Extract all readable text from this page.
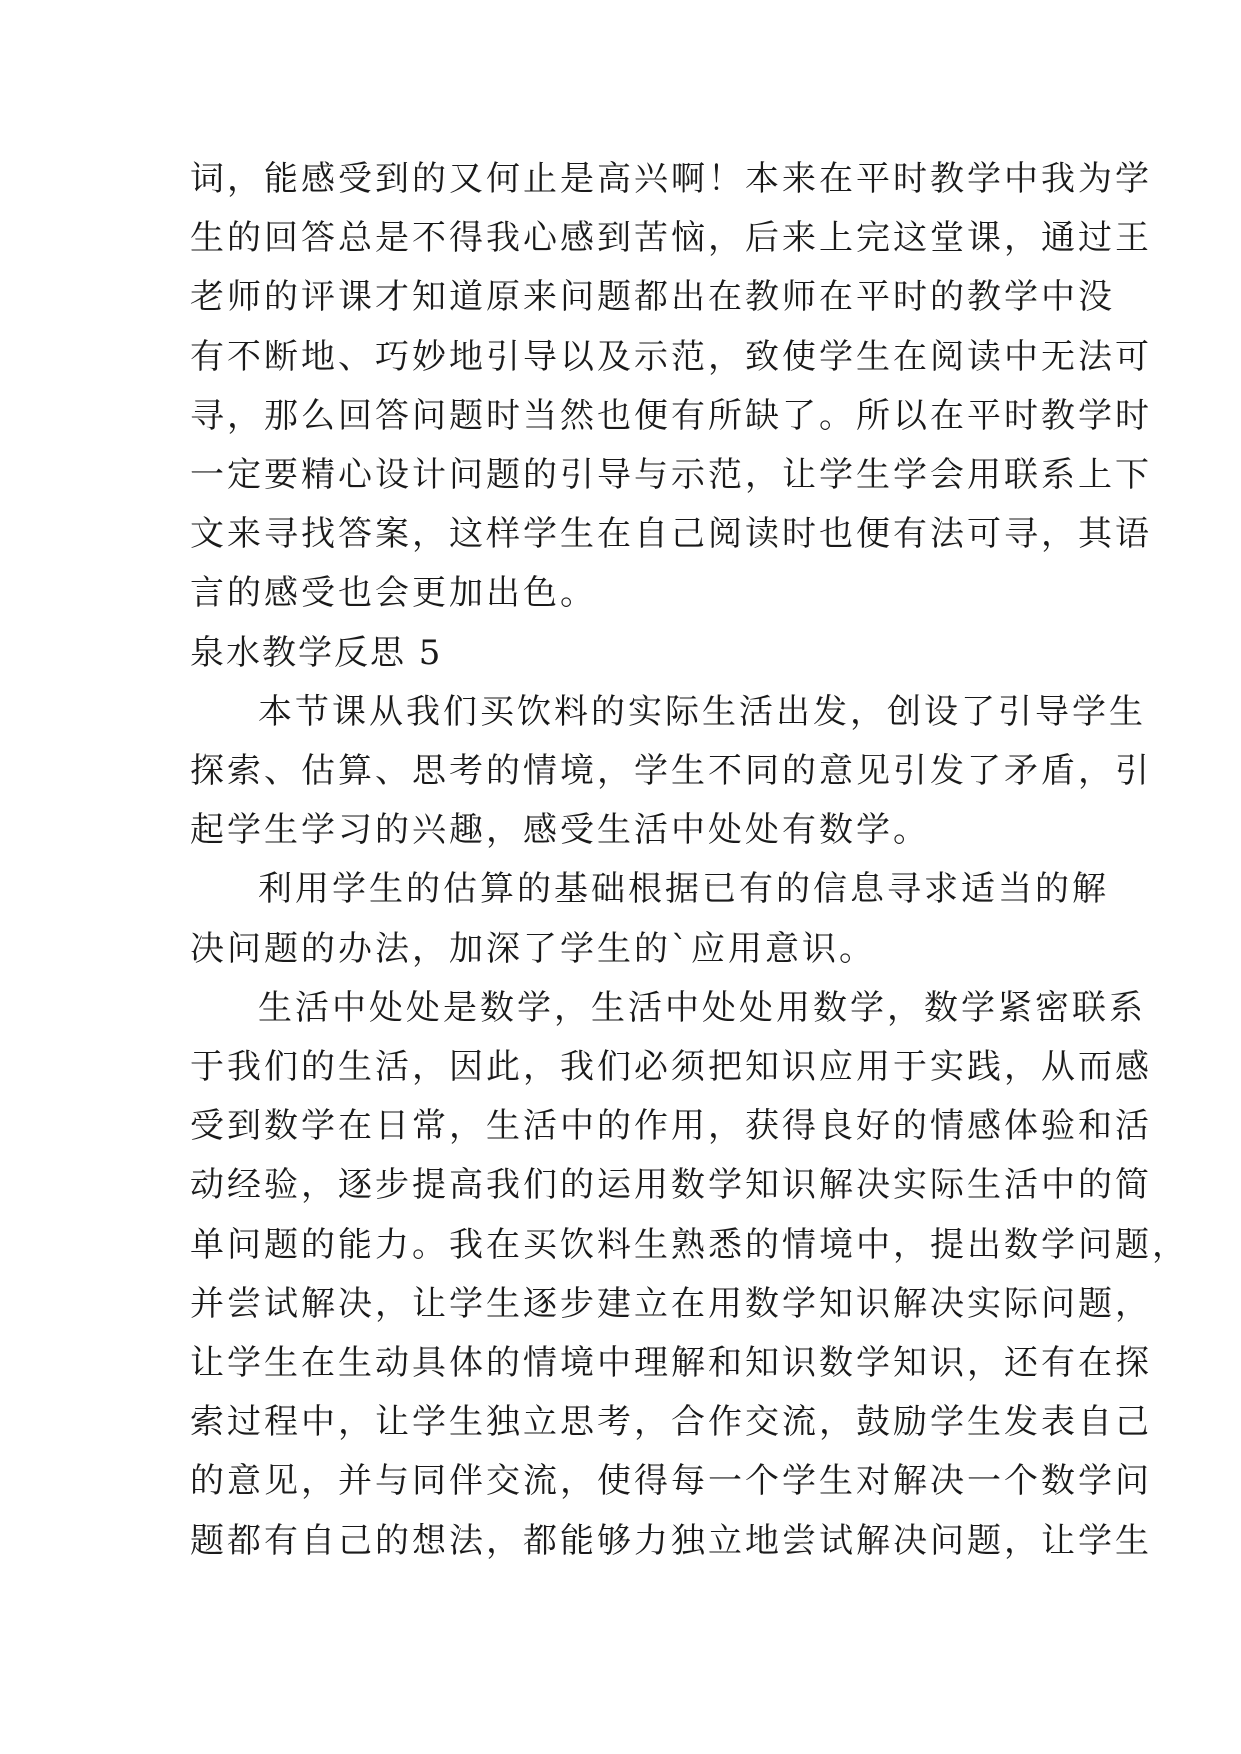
词，能感受到的又何止是高兴啊！本来在平时教学中我为学
生的回答总是不得我心感到苦恼，后来上完这堂课，通过王
老师的评课才知道原来问题都出在教师在平时的教学中没
有不断地、巧妙地引导以及示范，致使学生在阅读中无法可
寻，那么回答问题时当然也便有所缺了。所以在平时教学时
一定要精心设计问题的引导与示范，让学生学会用联系上下
文来寻找答案，这样学生在自己阅读时也便有法可寻，其语
言的感受也会更加出色。
泉水教学反思 5
本节课从我们买饮料的实际生活出发，创设了引导学生
探索、估算、思考的情境，学生不同的意见引发了矛盾，引
起学生学习的兴趣，感受生活中处处有数学。
利用学生的估算的基础根据已有的信息寻求适当的解
决问题的办法，加深了学生的`应用意识。
生活中处处是数学，生活中处处用数学，数学紧密联系
于我们的生活，因此，我们必须把知识应用于实践，从而感
受到数学在日常，生活中的作用，获得良好的情感体验和活
动经验，逐步提高我们的运用数学知识解决实际生活中的简
单问题的能力。我在买饮料生熟悉的情境中，提出数学问题，
并尝试解决，让学生逐步建立在用数学知识解决实际问题，
让学生在生动具体的情境中理解和知识数学知识，还有在探
索过程中，让学生独立思考，合作交流，鼓励学生发表自己
的意见，并与同伴交流，使得每一个学生对解决一个数学问
题都有自己的想法，都能够力独立地尝试解决问题，让学生
